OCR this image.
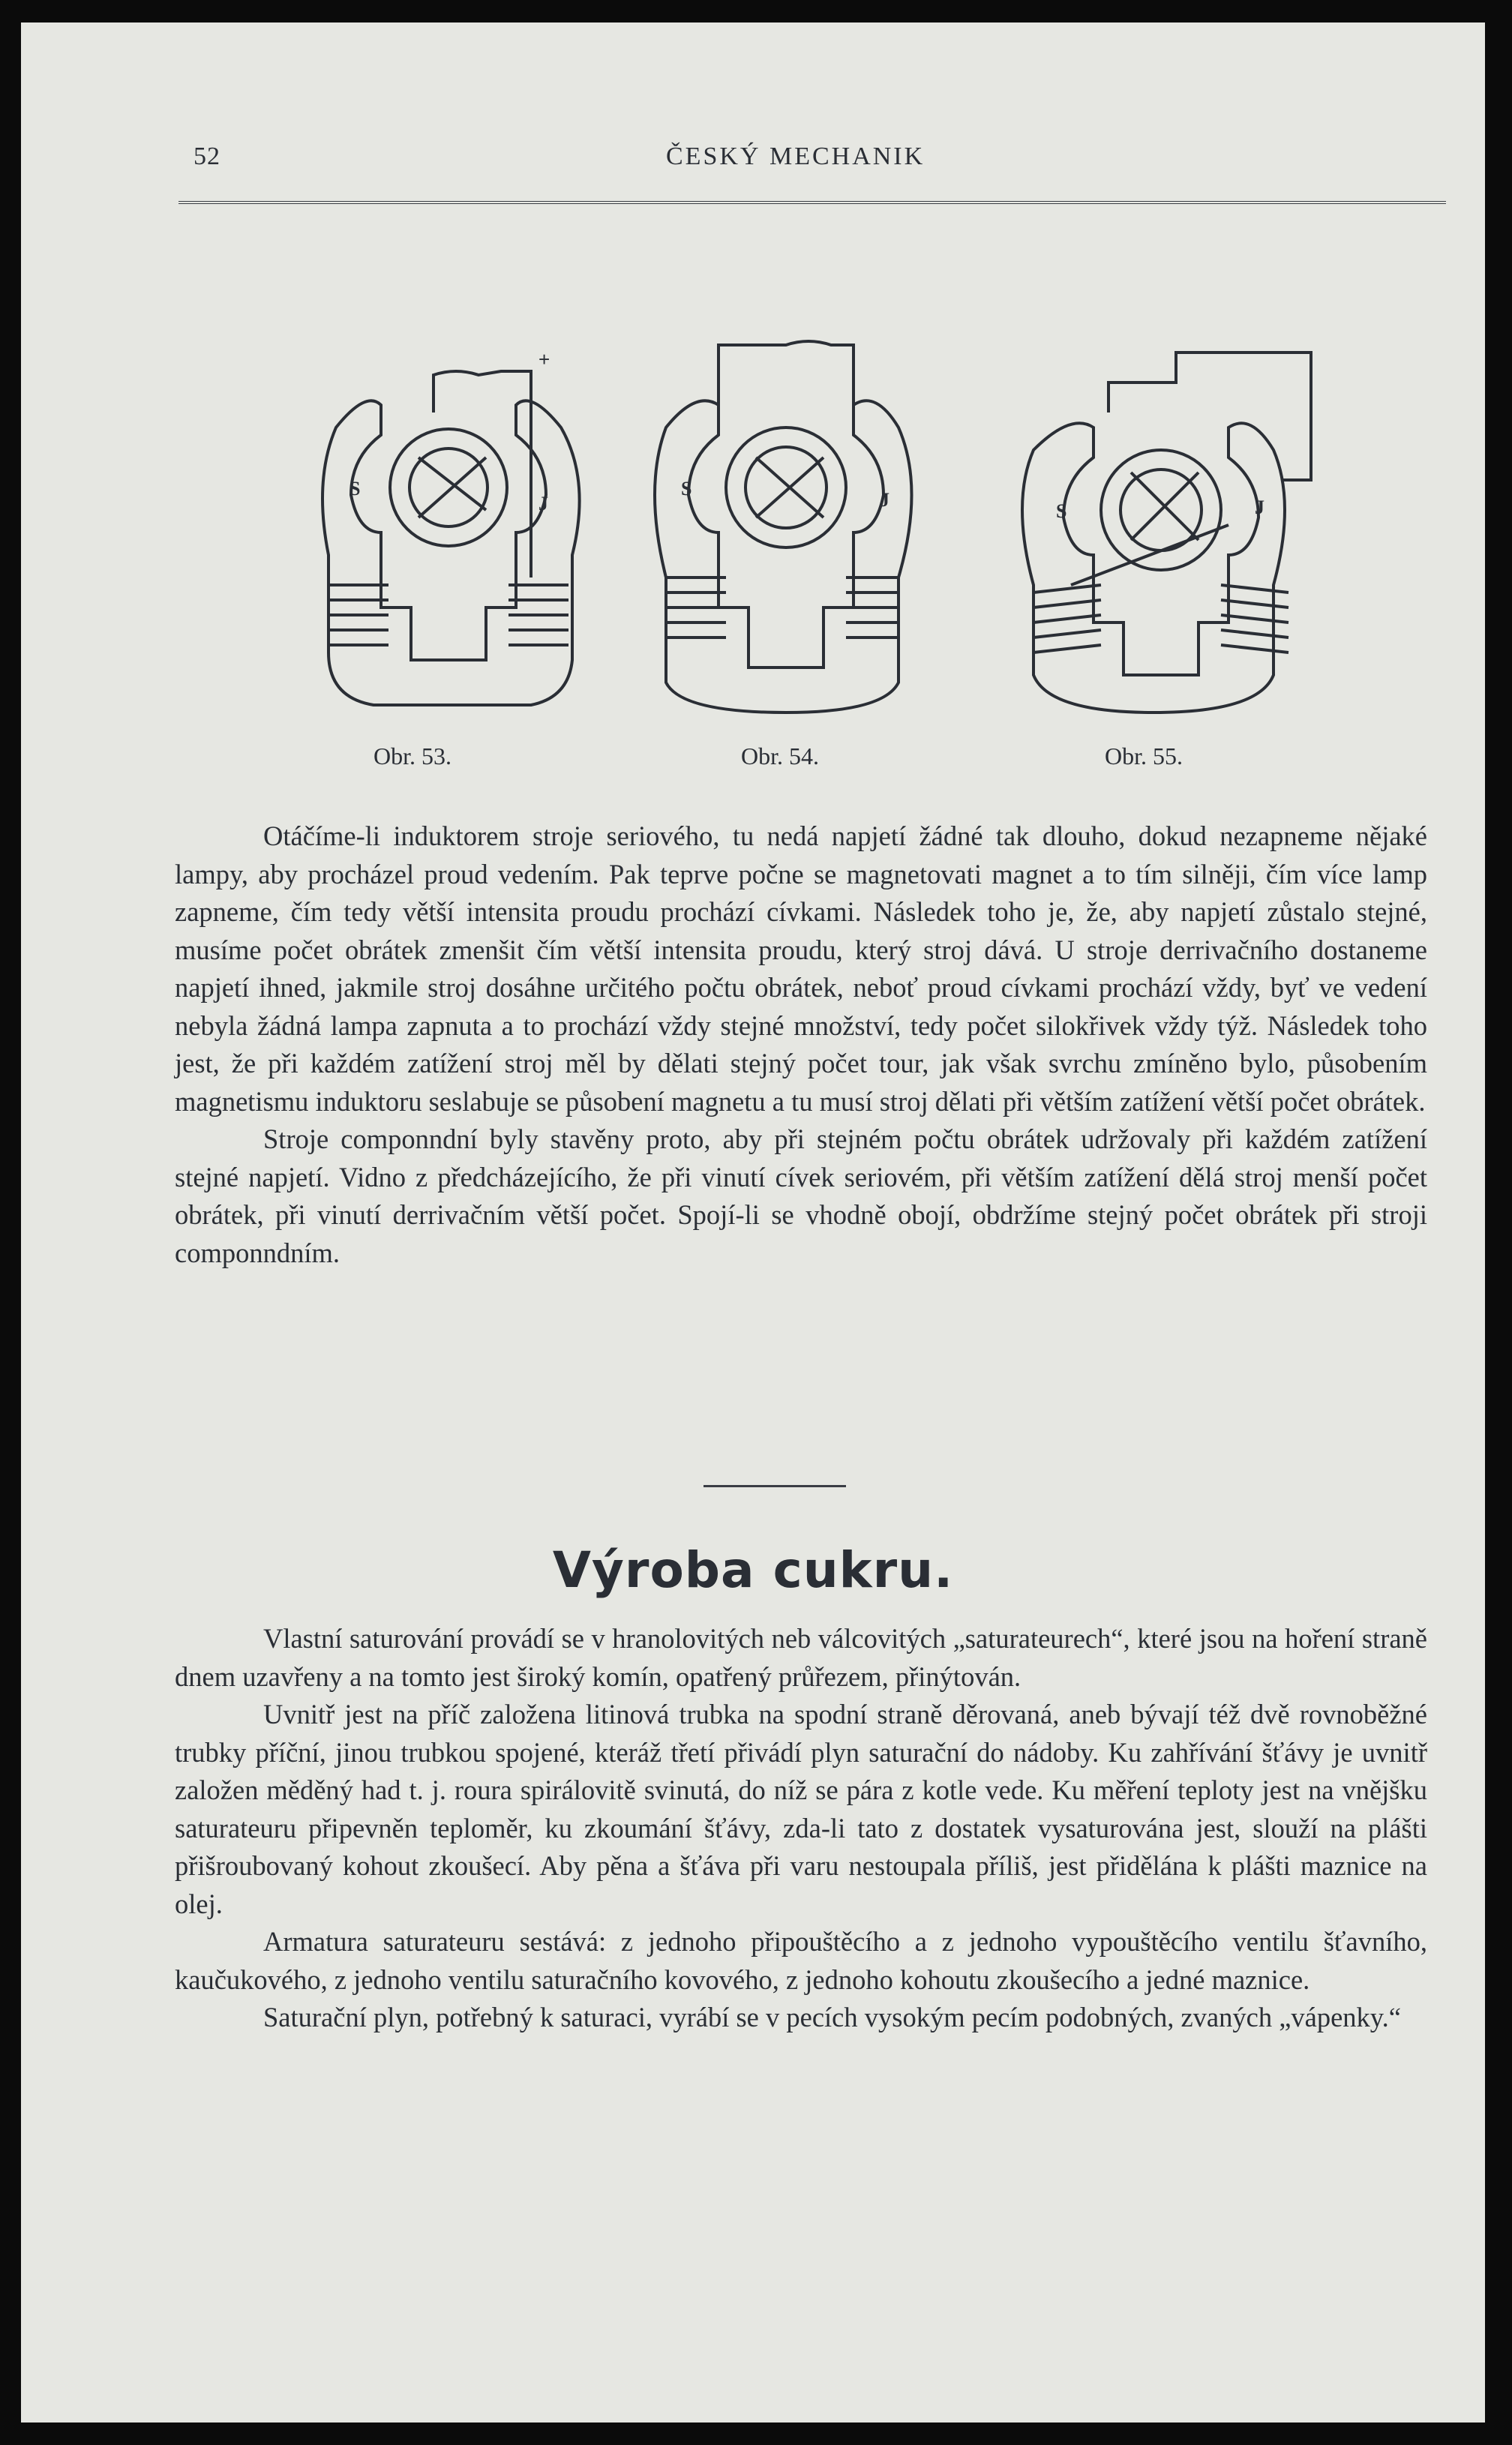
52	ČESKÝ MECHANIK
S
J
+
Obr. 53.
S
J
Obr. 54.
S	J
Obr. 55.

Otáčíme-li induktorem stroje seriového, tu nedá napjetí žádné tak dlouho, dokud nezapneme nějaké lampy, aby procházel proud vedením. Pak teprve počne se magnetovati magnet a to tím silněji, čím více lamp zapneme, čím tedy větší intensita proudu prochází cívkami. Následek toho je, že, aby napjetí zůstalo stejné, musíme počet obrátek zmenšit čím větší intensita proudu, který stroj dává. U stroje derrivačního dostaneme napjetí ihned, jakmile stroj dosáhne určitého počtu obrátek, neboť proud cívkami prochází vždy, byť ve vedení nebyla žádná lampa zapnuta a to prochází vždy stejné množství, tedy počet silokřivek vždy týž. Následek toho jest, že při každém zatížení stroj měl by dělati stejný počet tour, jak však svrchu zmíněno bylo, působením magnetismu induktoru seslabuje se působení magnetu a tu musí stroj dělati při větším zatížení větší počet obrátek.

Stroje componndní byly stavěny proto, aby při stejném počtu obrátek udržovaly při každém zatížení stejné napjetí. Vidno z předcházejícího, že při vinutí cívek seriovém, při větším zatížení dělá stroj menší počet obrátek, při vinutí derrivačním větší počet. Spojí-li se vhodně obojí, obdržíme stejný počet obrátek při stroji componndním.

Výroba cukru.

Vlastní saturování provádí se v hranolovitých neb válcovitých „saturateurech“, které jsou na hoření straně dnem uzavřeny a na tomto jest široký komín, opatřený průřezem, přinýtován.

Uvnitř jest na příč založena litinová trubka na spodní straně děrovaná, aneb bývají též dvě rovnoběžné trubky příční, jinou trubkou spojené, kteráž třetí přivádí plyn saturační do nádoby. Ku zahřívání šťávy je uvnitř založen měděný had t. j. roura spirálovitě svinutá, do níž se pára z kotle vede. Ku měření teploty jest na vnějšku saturateuru připevněn teploměr, ku zkoumání šťávy, zda-li tato z dostatek vysaturována jest, slouží na plášti přišroubovaný kohout zkoušecí. Aby pěna a šťáva při varu nestoupala příliš, jest přidělána k plášti maznice na olej.

Armatura saturateuru sestává: z jednoho připouštěcího a z jednoho vypouštěcího ventilu šťavního, kaučukového, z jednoho ventilu saturačního kovového, z jednoho kohoutu zkoušecího a jedné maznice.

Saturační plyn, potřebný k saturaci, vyrábí se v pecích vysokým pecím podobných, zvaných „vápenky.“
